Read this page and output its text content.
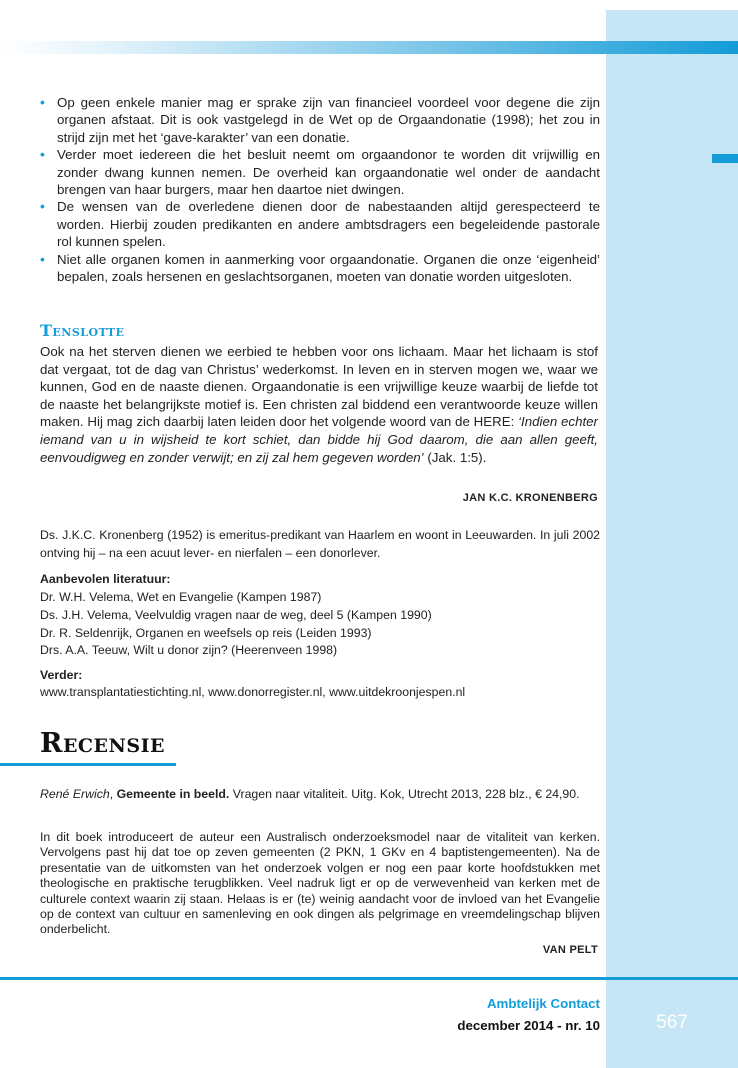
• Op geen enkele manier mag er sprake zijn van financieel voordeel voor degene die zijn organen afstaat. Dit is ook vastgelegd in de Wet op de Orgaandonatie (1998); het zou in strijd zijn met het ‘gave-karakter’ van een donatie.
• Verder moet iedereen die het besluit neemt om orgaandonor te worden dit vrijwillig en zonder dwang kunnen nemen. De overheid kan orgaandonatie wel onder de aandacht brengen van haar burgers, maar hen daartoe niet dwingen.
• De wensen van de overledene dienen door de nabestaanden altijd gerespecteerd te worden. Hierbij zouden predikanten en andere ambtsdragers een begeleidende pastorale rol kunnen spelen.
• Niet alle organen komen in aanmerking voor orgaandonatie. Organen die onze ‘eigenheid’ bepalen, zoals hersenen en geslachtsorganen, moeten van donatie worden uitgesloten.
Tenslotte

Ook na het sterven dienen we eerbied te hebben voor ons lichaam. Maar het lichaam is stof dat vergaat, tot de dag van Christus’ wederkomst. In leven en in sterven mogen we, waar we kunnen, God en de naaste dienen. Orgaandonatie is een vrijwillige keuze waarbij de liefde tot de naaste het belangrijkste motief is. Een christen zal biddend een verantwoorde keuze willen maken. Hij mag zich daarbij laten leiden door het volgende woord van de HERE: ‘Indien echter iemand van u in wijsheid te kort schiet, dan bidde hij God daarom, die aan allen geeft, eenvoudigweg en zonder verwijt; en zij zal hem gegeven worden’ (Jak. 1:5).

JAN K.C. KRONENBERG

Ds. J.K.C. Kronenberg (1952) is emeritus-predikant van Haarlem en woont in Leeuwarden. In juli 2002 ontving hij – na een acuut lever- en nierfalen – een donorlever.

Aanbevolen literatuur:
Dr. W.H. Velema, Wet en Evangelie (Kampen 1987)
Ds. J.H. Velema, Veelvuldig vragen naar de weg, deel 5 (Kampen 1990)
Dr. R. Seldenrijk, Organen en weefsels op reis (Leiden 1993)
Drs. A.A. Teeuw, Wilt u donor zijn? (Heerenveen 1998)
Verder:

www.transplantatiestichting.nl, www.donorregister.nl, www.uitdekroonjespen.nl

Recensie

René Erwich, Gemeente in beeld. Vragen naar vitaliteit. Uitg. Kok, Utrecht 2013, 228 blz., € 24,90.

In dit boek introduceert de auteur een Australisch onderzoeksmodel naar de vitaliteit van kerken. Vervolgens past hij dat toe op zeven gemeenten (2 PKN, 1 GKv en 4 baptistengemeenten). Na de presentatie van de uitkomsten van het onderzoek volgen er nog een paar korte hoofdstukken met theologische en praktische terugblikken. Veel nadruk ligt er op de verwevenheid van kerken met de culturele context waarin zij staan. Helaas is er (te) weinig aandacht voor de invloed van het Evangelie op de context van cultuur en samenleving en ook dingen als pelgrimage en vreemdelingschap blijven onderbelicht.

VAN PELT
Ambtelijk Contact
december 2014 - nr. 10	567
